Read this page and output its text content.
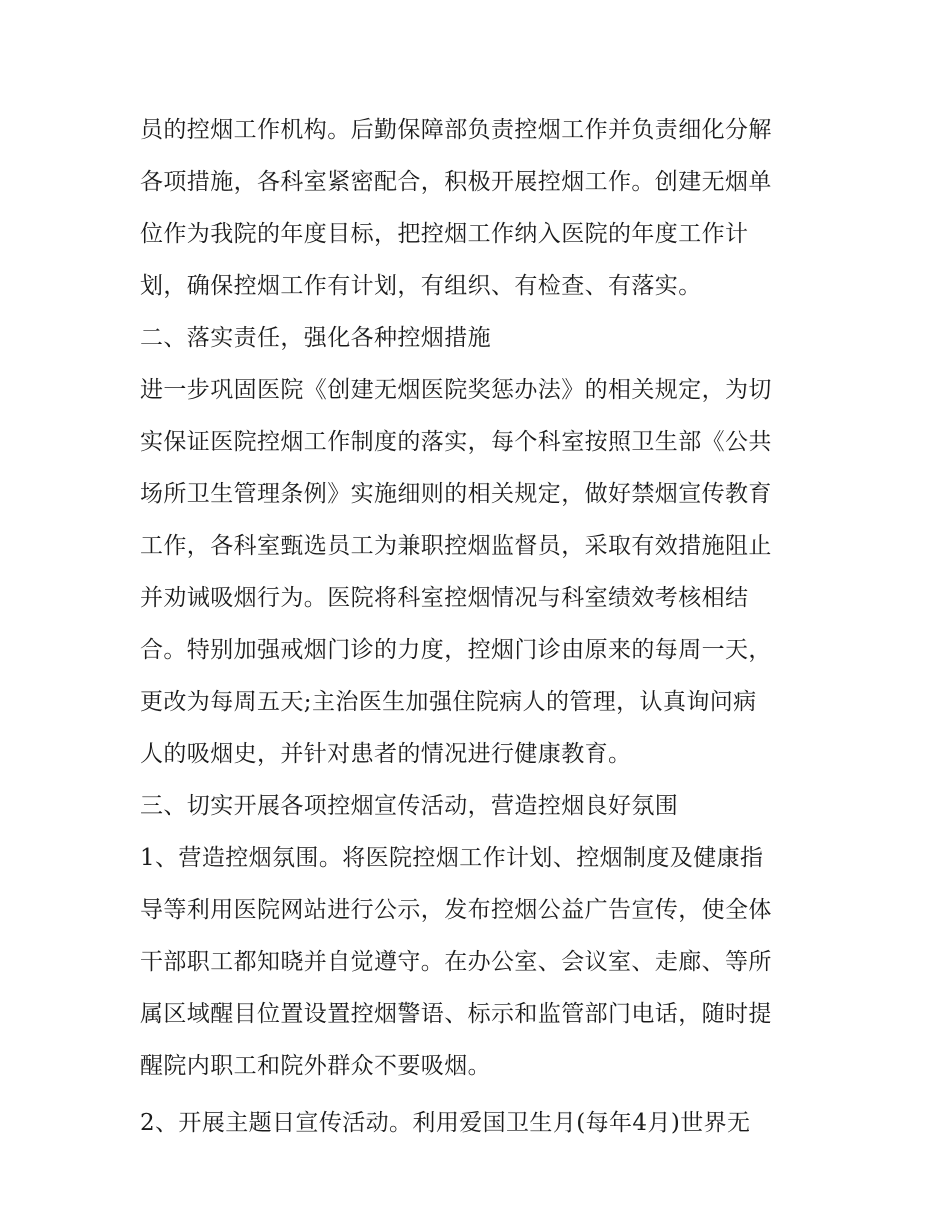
员的控烟工作机构。后勤保障部负责控烟工作并负责细化分解
各项措施，各科室紧密配合，积极开展控烟工作。创建无烟单
位作为我院的年度目标，把控烟工作纳入医院的年度工作计
划，确保控烟工作有计划，有组织、有检查、有落实。
二、落实责任，强化各种控烟措施
进一步巩固医院《创建无烟医院奖惩办法》的相关规定，为切
实保证医院控烟工作制度的落实，每个科室按照卫生部《公共
场所卫生管理条例》实施细则的相关规定，做好禁烟宣传教育
工作，各科室甄选员工为兼职控烟监督员，采取有效措施阻止
并劝诫吸烟行为。医院将科室控烟情况与科室绩效考核相结
合。特别加强戒烟门诊的力度，控烟门诊由原来的每周一天，
更改为每周五天;主治医生加强住院病人的管理，认真询问病
人的吸烟史，并针对患者的情况进行健康教育。
三、切实开展各项控烟宣传活动，营造控烟良好氛围
1、营造控烟氛围。将医院控烟工作计划、控烟制度及健康指
导等利用医院网站进行公示，发布控烟公益广告宣传，使全体
干部职工都知晓并自觉遵守。在办公室、会议室、走廊、等所
属区域醒目位置设置控烟警语、标示和监管部门电话，随时提
醒院内职工和院外群众不要吸烟。
2、开展主题日宣传活动。利用爱国卫生月(每年4月)世界无
